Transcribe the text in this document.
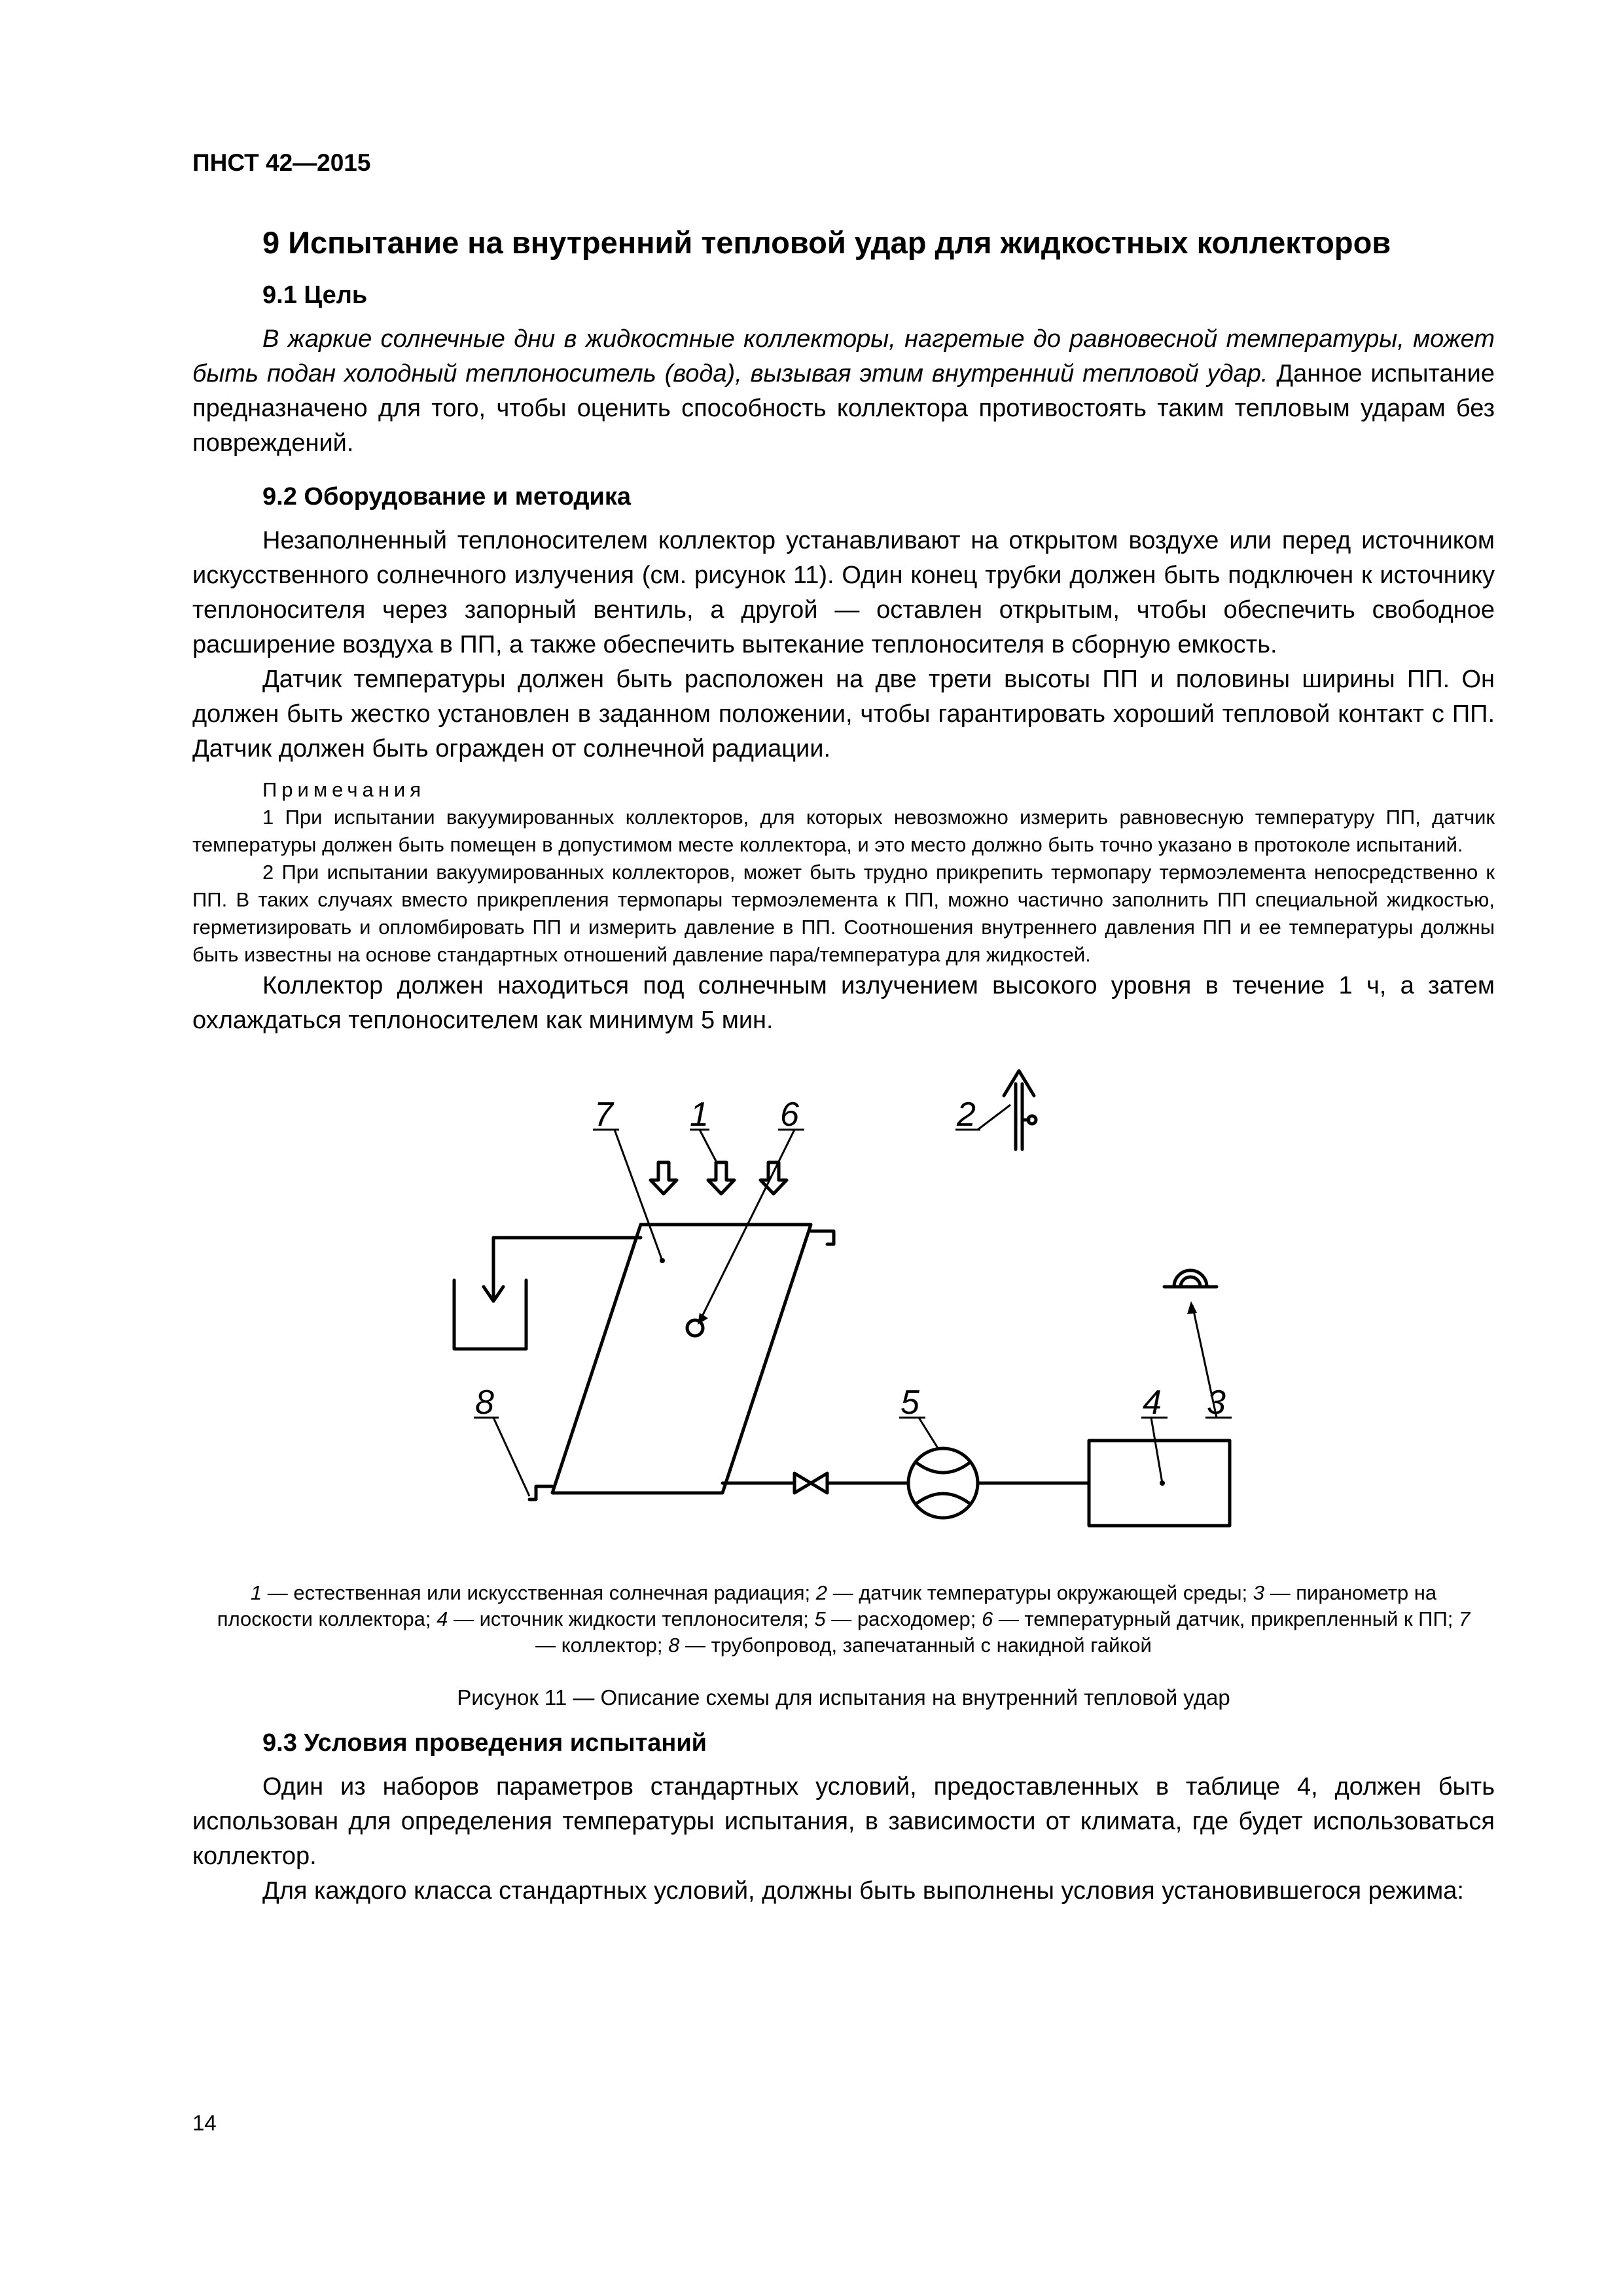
ПНСТ 42—2015
9 Испытание на внутренний тепловой удар для жидкостных коллекторов
9.1 Цель

В жаркие солнечные дни в жидкостные коллекторы, нагретые до равновесной температуры, может быть подан холодный теплоноситель (вода), вызывая этим внутренний тепловой удар. Данное испытание предназначено для того, чтобы оценить способность коллектора противостоять таким тепловым ударам без повреждений.

9.2 Оборудование и методика

Незаполненный теплоносителем коллектор устанавливают на открытом воздухе или перед источником искусственного солнечного излучения (см. рисунок 11). Один конец трубки должен быть подключен к источнику теплоносителя через запорный вентиль, а другой — оставлен открытым, чтобы обеспечить свободное расширение воздуха в ПП, а также обеспечить вытекание теплоносителя в сборную емкость.

Датчик температуры должен быть расположен на две трети высоты ПП и половины ширины ПП. Он должен быть жестко установлен в заданном положении, чтобы гарантировать хороший тепловой контакт с ПП. Датчик должен быть огражден от солнечной радиации.

Примечания

1 При испытании вакуумированных коллекторов, для которых невозможно измерить равновесную температуру ПП, датчик температуры должен быть помещен в допустимом месте коллектора, и это место должно быть точно указано в протоколе испытаний.

2 При испытании вакуумированных коллекторов, может быть трудно прикрепить термопару термоэлемента непосредственно к ПП. В таких случаях вместо прикрепления термопары термоэлемента к ПП, можно частично заполнить ПП специальной жидкостью, герметизировать и опломбировать ПП и измерить давление в ПП. Соотношения внутреннего давления ПП и ее температуры должны быть известны на основе стандартных отношений давление пара/температура для жидкостей.

Коллектор должен находиться под солнечным излучением высокого уровня в течение 1 ч, а затем охлаждаться теплоносителем как минимум 5 мин.

7 1 6	2
8	5	4 3
1 — естественная или искусственная солнечная радиация; 2 — датчик температуры окружающей среды; 3 — пиранометр на плоскости коллектора; 4 — источник жидкости теплоносителя; 5 — расходомер; 6 — температурный датчик, прикрепленный к ПП; 7 — коллектор; 8 — трубопровод, запечатанный с накидной гайкой
Рисунок 11 — Описание схемы для испытания на внутренний тепловой удар
9.3 Условия проведения испытаний

Один из наборов параметров стандартных условий, предоставленных в таблице 4, должен быть использован для определения температуры испытания, в зависимости от климата, где будет использоваться коллектор.

Для каждого класса стандартных условий, должны быть выполнены условия установившегося режима:

14
